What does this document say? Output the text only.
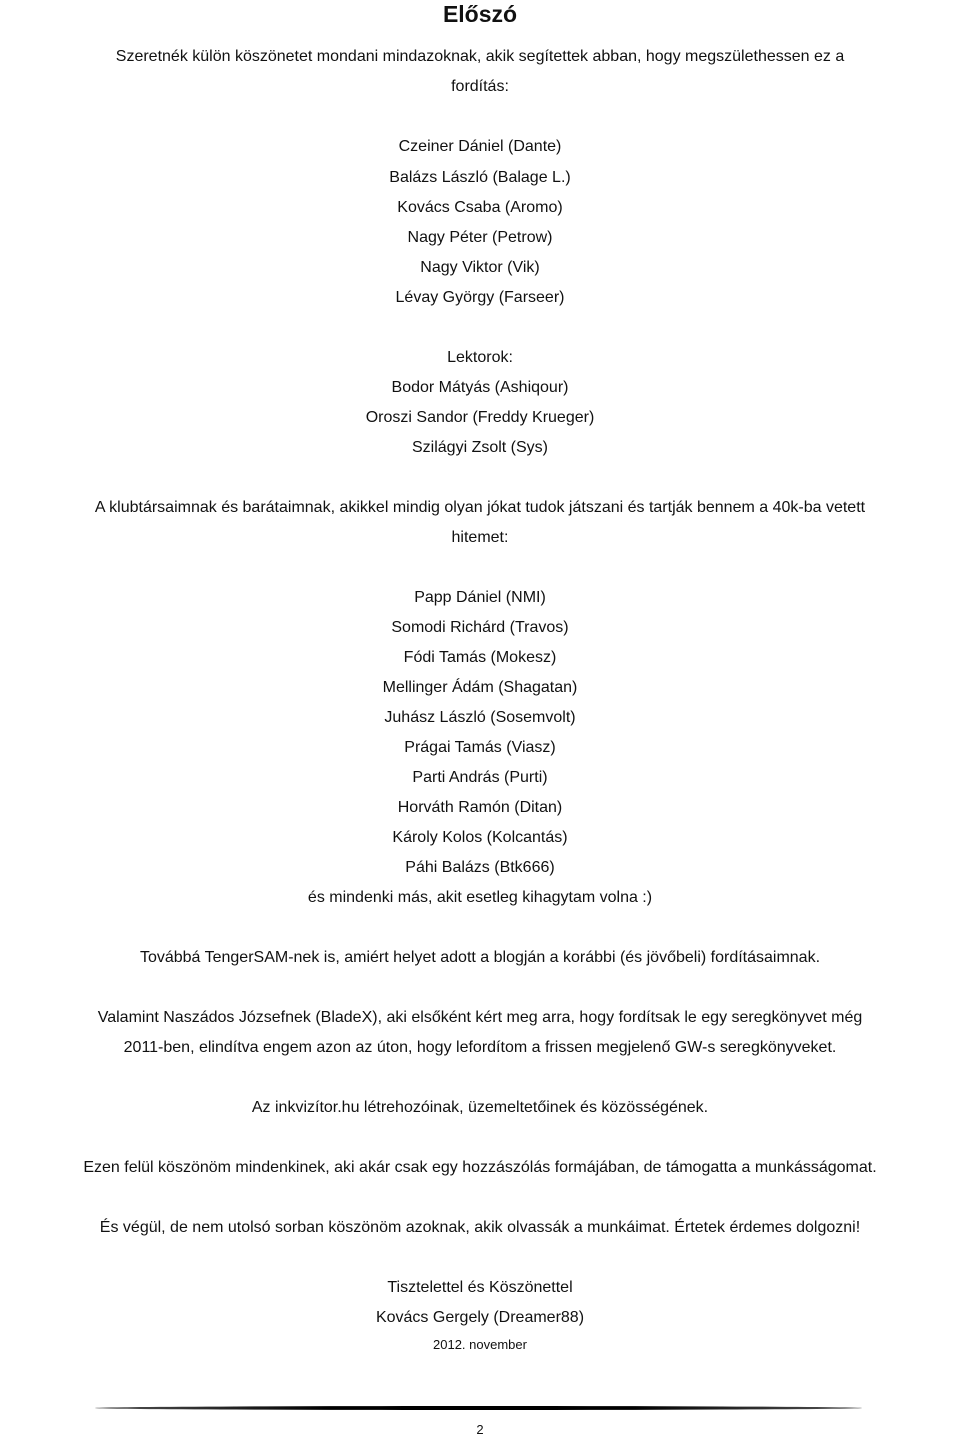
Előszó
Szeretnék külön köszönetet mondani mindazoknak, akik segítettek abban, hogy megszülethessen ez a
fordítás:
Czeiner Dániel (Dante)
Balázs László (Balage L.)
Kovács Csaba (Aromo)
Nagy Péter (Petrow)
Nagy Viktor (Vik)
Lévay György (Farseer)
Lektorok:
Bodor Mátyás (Ashiqour)
Oroszi Sandor (Freddy Krueger)
Szilágyi Zsolt (Sys)
A klubtársaimnak és barátaimnak, akikkel mindig olyan jókat tudok játszani és tartják bennem a 40k-ba vetett
hitemet:
Papp Dániel (NMI)
Somodi Richárd (Travos)
Fódi Tamás (Mokesz)
Mellinger Ádám (Shagatan)
Juhász László (Sosemvolt)
Prágai Tamás (Viasz)
Parti András (Purti)
Horváth Ramón (Ditan)
Károly Kolos (Kolcantás)
Páhi Balázs (Btk666)
és mindenki más, akit esetleg kihagytam volna :)
Továbbá TengerSAM-nek is, amiért helyet adott a blogján a korábbi (és jövőbeli) fordításaimnak.
Valamint Naszádos Józsefnek (BladeX), aki elsőként kért meg arra, hogy fordítsak le egy seregkönyvet még
2011-ben, elindítva engem azon az úton, hogy lefordítom a frissen megjelenő GW-s seregkönyveket.
Az inkvizítor.hu létrehozóinak, üzemeltetőinek és közösségének.
Ezen felül köszönöm mindenkinek, aki akár csak egy hozzászólás formájában, de támogatta a munkásságomat.
És végül, de nem utolsó sorban köszönöm azoknak, akik olvassák a munkáimat. Értetek érdemes dolgozni!
Tisztelettel és Köszönettel
Kovács Gergely (Dreamer88)
2012. november
2
